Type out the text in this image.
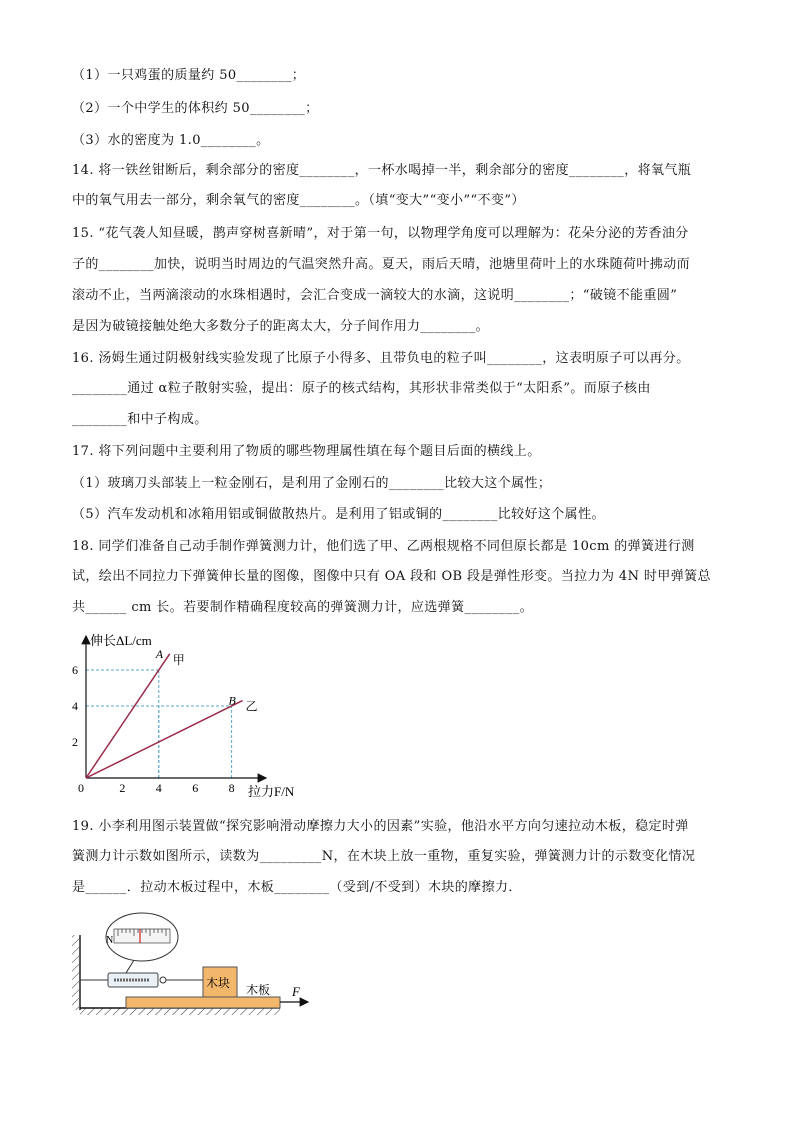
（1）一只鸡蛋的质量约 50________；
（2）一个中学生的体积约 50________；
（3）水的密度为 1.0________。
14. 将一铁丝钳断后，剩余部分的密度________，一杯水喝掉一半，剩余部分的密度________，将氧气瓶
中的氧气用去一部分，剩余氧气的密度________。（填“变大”“变小”“不变”）
15. “花气袭人知昼暖，鹊声穿树喜新晴”，对于第一句，以物理学角度可以理解为：花朵分泌的芳香油分
子的________加快，说明当时周边的气温突然升高。夏天，雨后天晴，池塘里荷叶上的水珠随荷叶拂动而
滚动不止，当两滴滚动的水珠相遇时，会汇合变成一滴较大的水滴，这说明________；“破镜不能重圆”
是因为破镜接触处绝大多数分子的距离太大，分子间作用力________。
16. 汤姆生通过阴极射线实验发现了比原子小得多、且带负电的粒子叫________，这表明原子可以再分。
________通过 α粒子散射实验，提出：原子的核式结构，其形状非常类似于“太阳系”。而原子核由
________和中子构成。
17. 将下列问题中主要利用了物质的哪些物理属性填在每个题目后面的横线上。
（1）玻璃刀头部装上一粒金刚石，是利用了金刚石的________比较大这个属性；
（5）汽车发动机和冰箱用铝或铜做散热片。是利用了铝或铜的________比较好这个属性。
18. 同学们准备自己动手制作弹簧测力计，他们选了甲、乙两根规格不同但原长都是 10cm 的弹簧进行测
试，绘出不同拉力下弹簧伸长量的图像，图像中只有 OA 段和 OB 段是弹性形变。当拉力为 4N 时甲弹簧总
共______ cm 长。若要制作精确程度较高的弹簧测力计，应选弹簧________。
19. 小李利用图示装置做“探究影响滑动摩擦力大小的因素”实验，他沿水平方向匀速拉动木板，稳定时弹
簧测力计示数如图所示，读数为_________N，在木块上放一重物，重复实验，弹簧测力计的示数变化情况
是______．拉动木板过程中，木板________（受到/不受到）木块的摩擦力．
A 甲
B 乙
0	2	4	6	8
2
4
6
伸长ΔL/cm
拉力F/N
木板
木块
N
F
